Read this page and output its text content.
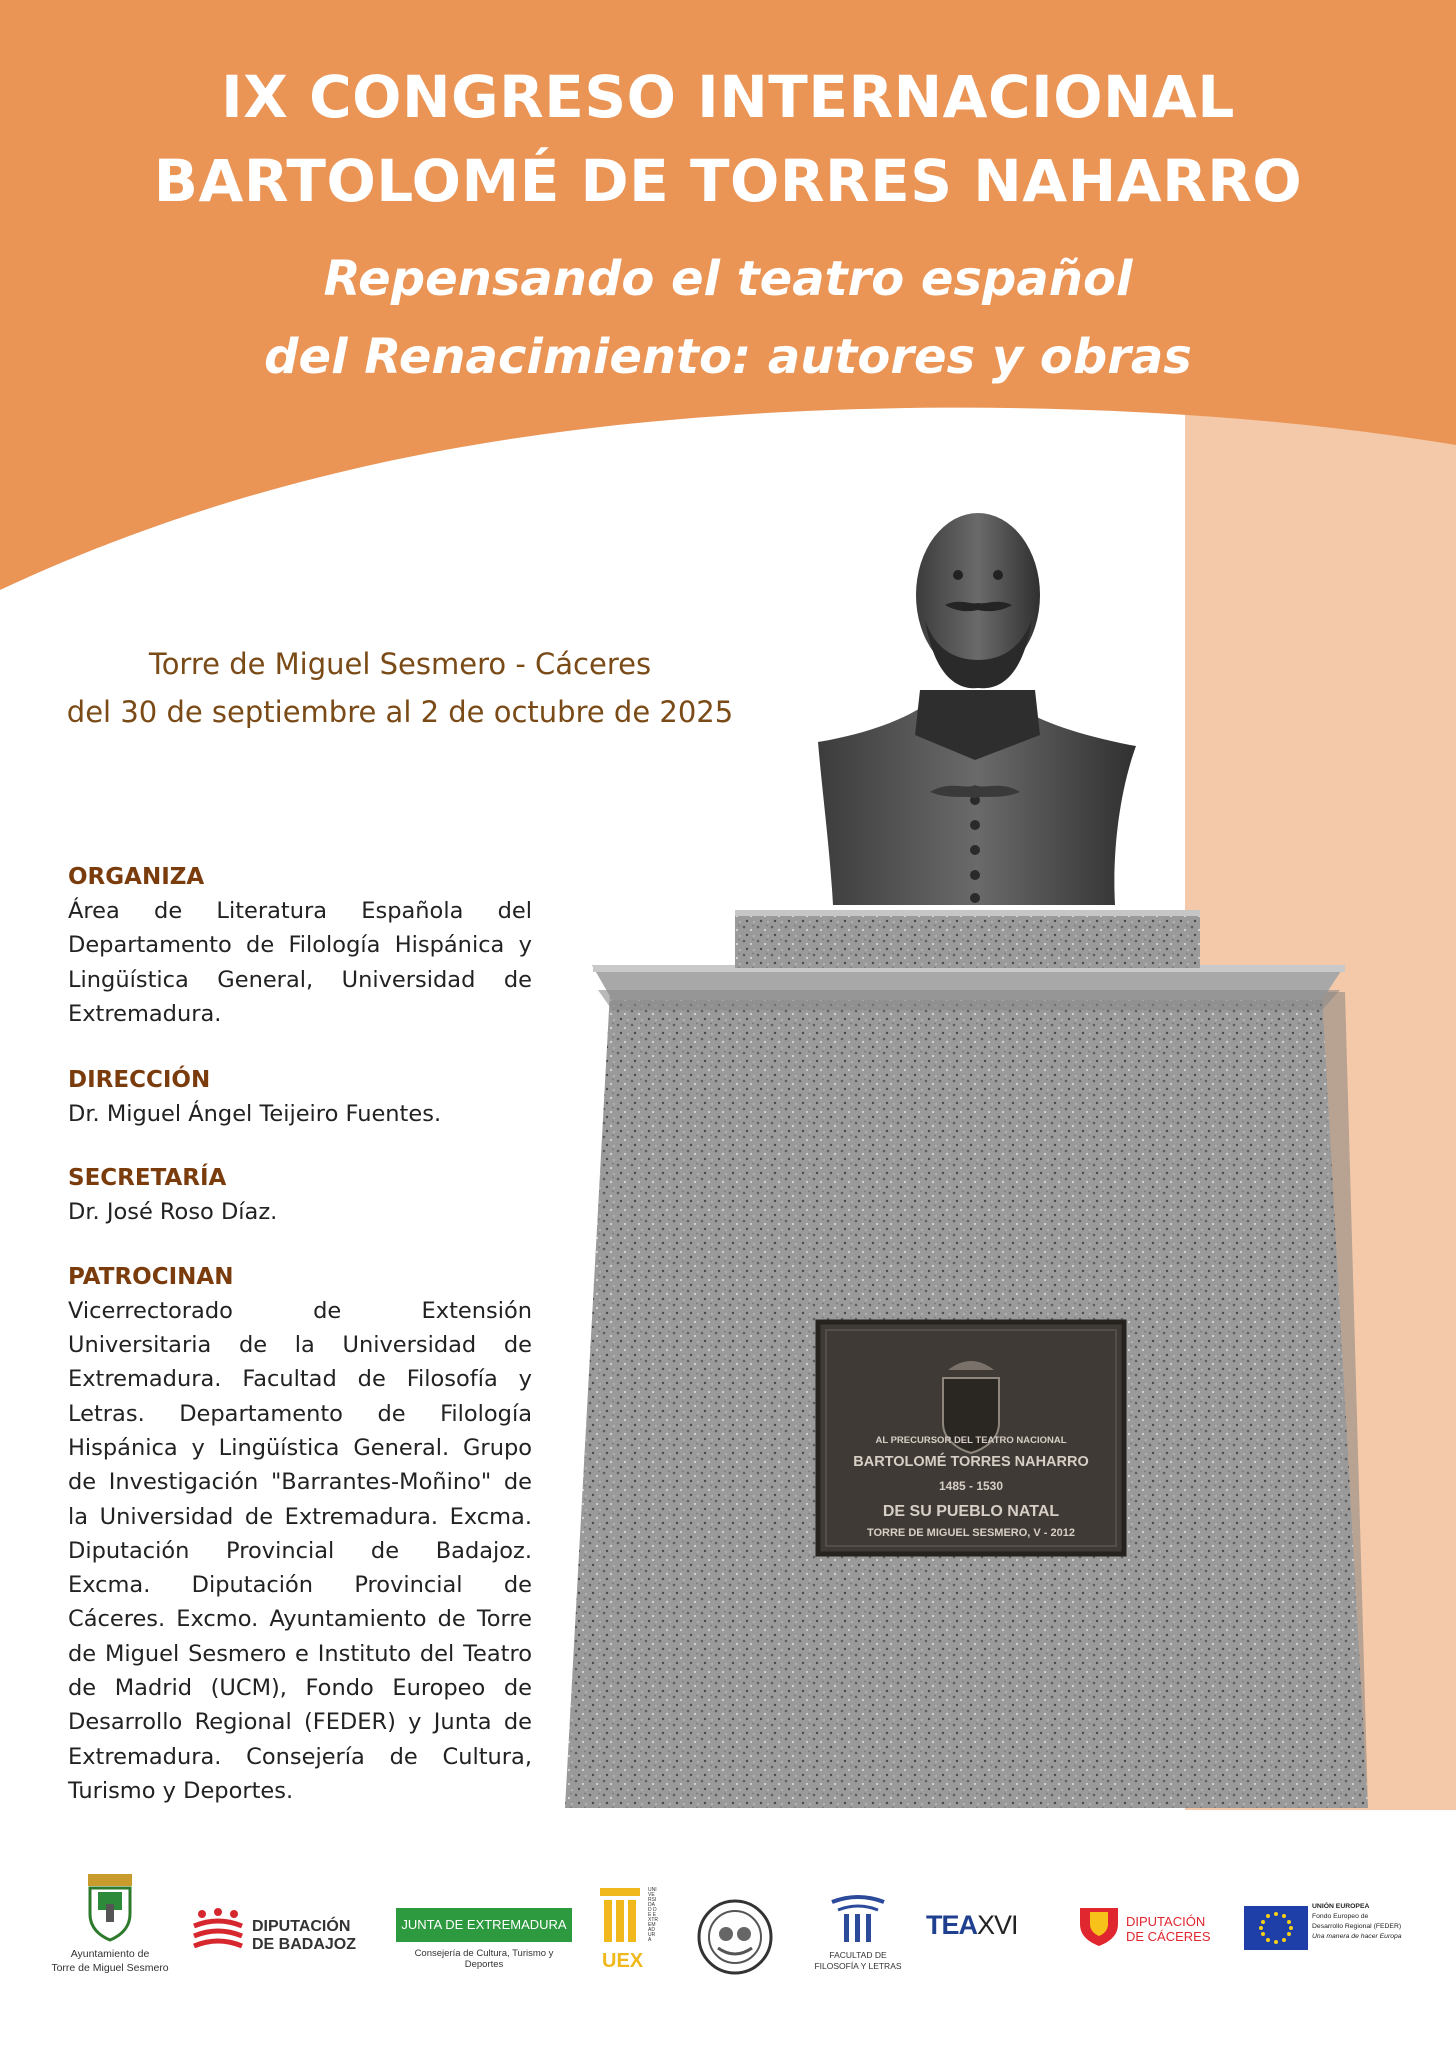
IX CONGRESO INTERNACIONAL
BARTOLOMÉ DE TORRES NAHARRO
Repensando el teatro español
del Renacimiento: autores y obras
Torre de Miguel Sesmero - Cáceres
del 30 de septiembre al 2 de octubre de 2025

ORGANIZA

Área de Literatura Española del Departamento de Filología Hispánica y Lingüística General, Universidad de Extremadura.

DIRECCIÓN

Dr. Miguel Ángel Teijeiro Fuentes.

SECRETARÍA

Dr. José Roso Díaz.

PATROCINAN

Vicerrectorado de Extensión Universitaria de la Universidad de Extremadura. Facultad de Filosofía y Letras. Departamento de Filología Hispánica y Lingüística General. Grupo de Investigación "Barrantes-Moñino" de la Universidad de Extremadura. Excma. Diputación Provincial de Badajoz. Excma. Diputación Provincial de Cáceres. Excmo. Ayuntamiento de Torre de Miguel Sesmero e Instituto del Teatro de Madrid (UCM), Fondo Europeo de Desarrollo Regional (FEDER) y Junta de Extremadura. Consejería de Cultura, Turismo y Deportes.

AL PRECURSOR DEL TEATRO NACIONAL
BARTOLOMÉ TORRES NAHARRO
1485 - 1530
DE SU PUEBLO NATAL
TORRE DE MIGUEL SESMERO, V - 2012
Ayuntamiento de
Torre de Miguel Sesmero
DIPUTACIÓN
DE BADAJOZ
JUNTA DE EXTREMADURA
Consejería de Cultura, Turismo y Deportes	UEX
UNIVERSIDAD DE EXTREMADURA
FACULTAD DE
FILOSOFÍA Y LETRAS
TEAXVI	DIPUTACIÓN
DE CÁCERES
UNIÓN EUROPEA
Fondo Europeo de
Desarrollo Regional (FEDER)
Una manera de hacer Europa
